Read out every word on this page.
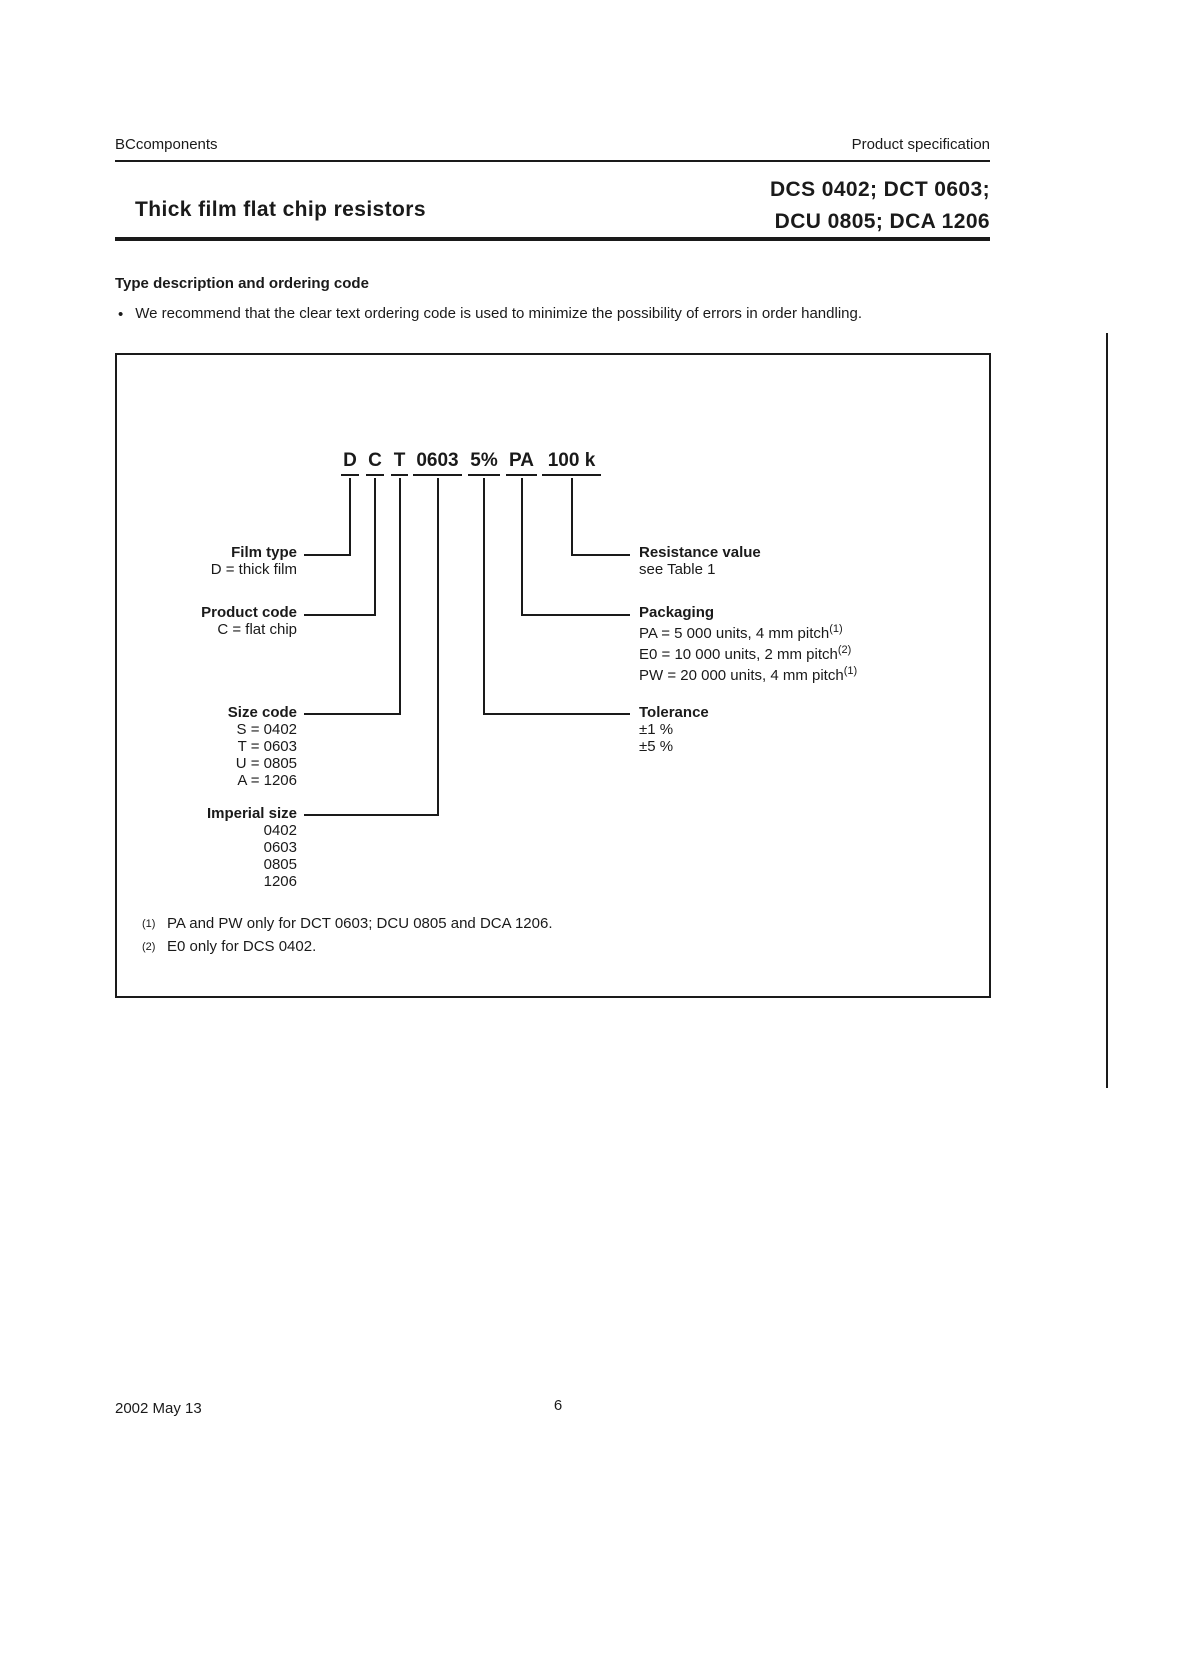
BCcomponents	Product specification
Thick film flat chip resistors
DCS 0402; DCT 0603;
DCU 0805; DCA 1206
Type description and ordering code
• We recommend that the clear text ordering code is used to minimize the possibility of errors in order handling.
D C T 0603 5% PA 100 k
Film type
D = thick film
Product code
C = flat chip
Size code
S = 0402
T = 0603
U = 0805
A = 1206
Imperial size
0402
0603
0805
1206
Resistance value
see Table 1
Packaging
PA = 5 000 units, 4 mm pitch$^{(1)}$
E0 = 10 000 units, 2 mm pitch$^{(2)}$
PW = 20 000 units, 4 mm pitch$^{(1)}$
Tolerance
±1 %
±5 %
(1) PA and PW only for DCT 0603; DCU 0805 and DCA 1206.
(2) E0 only for DCS 0402.
2002 May 13	6
